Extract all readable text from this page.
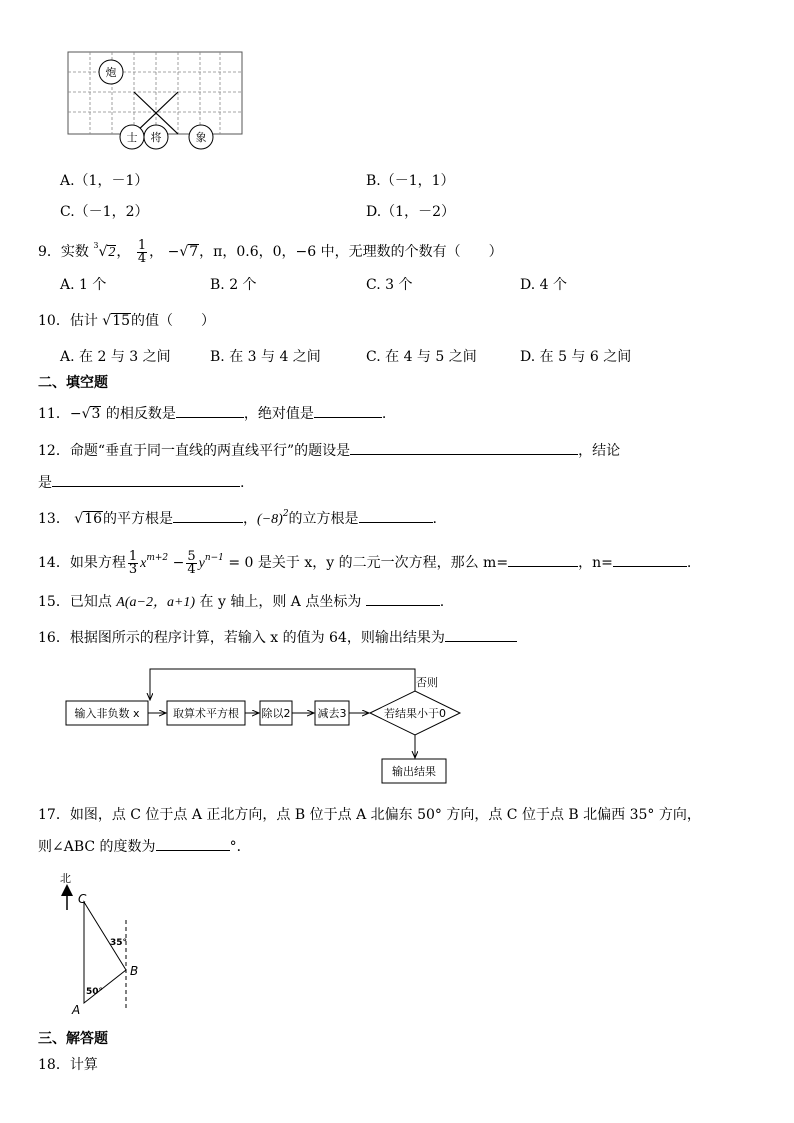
炮
士 将	象
A.（1，－1）	B.（－1，1）
C.（－1，2）	D.（1，－2）
9．实数 $^3$√2， $\frac{1}{4}$ ， −√7，π，0.6，0，−6 中，无理数的个数有（　　）
A. 1 个	B. 2 个	C. 3 个	D. 4 个
10．估计 √15的值（　　）
A. 在 2 与 3 之间	B. 在 3 与 4 之间	C. 在 4 与 5 之间	D. 在 5 与 6 之间
二、填空题
11．−√3 的相反数是	，绝对值是	.
12．命题“垂直于同一直线的两直线平行”的题设是	，结论
是	.
13． √16的平方根是	，$(-8)^2$的立方根是	.
14．如果方程 $\frac{1}{3} x^{m+2} - \frac{5}{4} y^{n-1} = 0$ 是关于 x，y 的二元一次方程，那么 m=	，n=	.
15．已知点 A(a−2，a+1) 在 y 轴上，则 A 点坐标为	.
16．根据图所示的程序计算，若输入 x 的值为 64，则输出结果为
输入非负数 x	取算术平方根 除以2 减去3	若结果小于0
否则
输出结果
17．如图，点 C 位于点 A 正北方向，点 B 位于点 A 北偏东 50° 方向，点 C 位于点 B 北偏西 35° 方向，
则∠ABC 的度数为	°．
北
C
B
A
35°
50°
三、解答题
18．计算
